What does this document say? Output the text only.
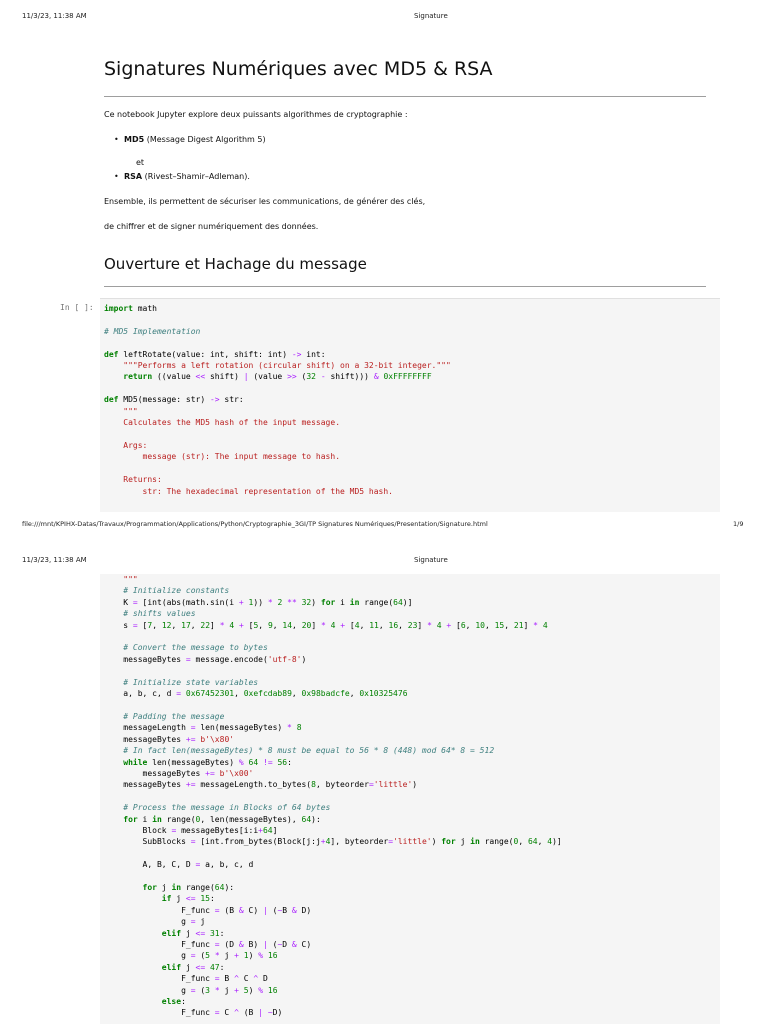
11/3/23, 11:38 AM	Signature
Signatures Numériques avec MD5 & RSA
Ce notebook Jupyter explore deux puissants algorithmes de cryptographie :
• MD5 (Message Digest Algorithm 5)
et
• RSA (Rivest–Shamir–Adleman).
Ensemble, ils permettent de sécuriser les communications, de générer des clés,
de chiffrer et de signer numériquement des données.
Ouverture et Hachage du message
In [ ]:	import math

# MD5 Implementation

def leftRotate(value: int, shift: int) -> int:
"""Performs a left rotation (circular shift) on a 32-bit integer."""
return ((value << shift) | (value >> (32 - shift))) & 0xFFFFFFFF

def MD5(message: str) -> str:
"""
Calculates the MD5 hash of the input message.

Args:
message (str): The input message to hash.

Returns:
str: The hexadecimal representation of the MD5 hash.
file:///mnt/KPIHX-Datas/Travaux/Programmation/Applications/Python/Cryptographie_3GI/TP Signatures Numériques/Presentation/Signature.html	1/9
11/3/23, 11:38 AM	Signature
"""
# Initialize constants
K = [int(abs(math.sin(i + 1)) * 2 ** 32) for i in range(64)]
# shifts values
s = [7, 12, 17, 22] * 4 + [5, 9, 14, 20] * 4 + [4, 11, 16, 23] * 4 + [6, 10, 15, 21] * 4

# Convert the message to bytes
messageBytes = message.encode('utf-8')

# Initialize state variables
a, b, c, d = 0x67452301, 0xefcdab89, 0x98badcfe, 0x10325476

# Padding the message
messageLength = len(messageBytes) * 8
messageBytes += b'\x80'
# In fact len(messageBytes) * 8 must be equal to 56 * 8 (448) mod 64* 8 = 512
while len(messageBytes) % 64 != 56:
messageBytes += b'\x00'
messageBytes += messageLength.to_bytes(8, byteorder='little')

# Process the message in Blocks of 64 bytes
for i in range(0, len(messageBytes), 64):
Block = messageBytes[i:i+64]
SubBlocks = [int.from_bytes(Block[j:j+4], byteorder='little') for j in range(0, 64, 4)]

A, B, C, D = a, b, c, d

for j in range(64):
if j <= 15:
F_func = (B & C) | (~B & D)
g = j
elif j <= 31:
F_func = (D & B) | (~D & C)
g = (5 * j + 1) % 16
elif j <= 47:
F_func = B ^ C ^ D
g = (3 * j + 5) % 16
else:
F_func = C ^ (B | ~D)
